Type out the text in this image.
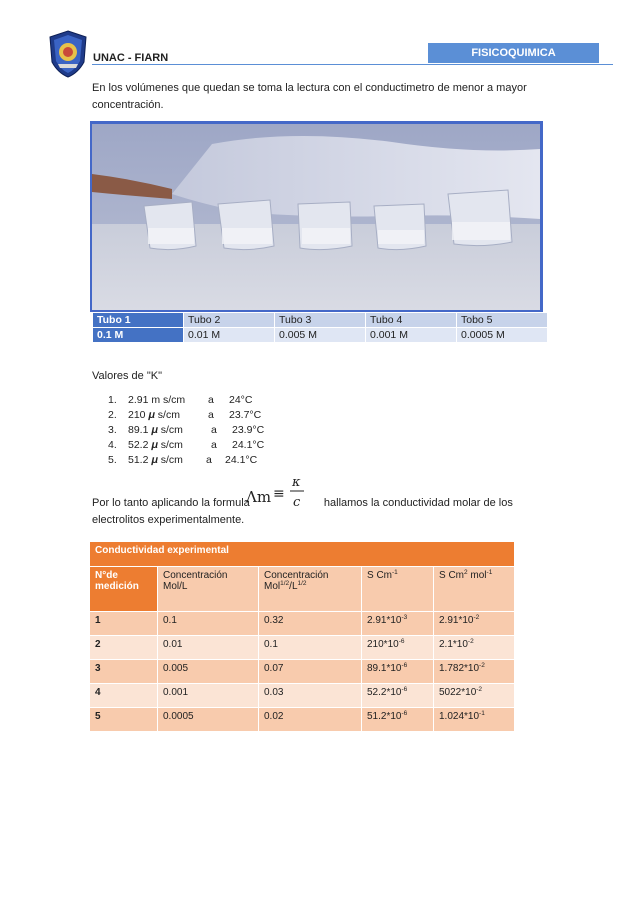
UNAC - FIARN	FISICOQUIMICA
En los volúmenes que quedan se toma la lectura con el conductimetro de menor a mayor concentración.
Tubo 1	Tubo 2	Tubo 3	Tubo 4	Tobo 5
0.1 M	0.01 M	0.005 M	0.001 M	0.0005 M
Valores de "K"
1. 2.91 m s/cm a 24°C
2. 210 𝝁 s/cm	a 23.7°C
3. 89.1 𝝁 s/cm	a 23.9°C
4. 52.2 𝝁 s/cm	a 24.1°C
5. 51.2 𝝁 s/cm a 24.1°C
Λm ≡
κ
c
Por lo tanto aplicando la formula	hallamos la conductividad molar de los electrolitos experimentalmente.
Conductividad experimental				
N°de medición	Concentración Mol/L	Concentración
$Mol^{1/2}/L^{1/2}$	S $Cm^{-1}$	S Cm$^2$ mol$^{-1}$
1	0.1	0.32	$2.91*10^{-3}$	$2.91*10^{-2}$
2	0.01	0.1	$210*10^{-6}$	$2.1*10^{-2}$
3	0.005	0.07	$89.1*10^{-6}$	$1.782*10^{-2}$
4	0.001	0.03	$52.2*10^{-6}$	$5022*10^{-2}$
5	0.0005	0.02	$51.2*10^{-6}$	$1.024*10^{-1}$
